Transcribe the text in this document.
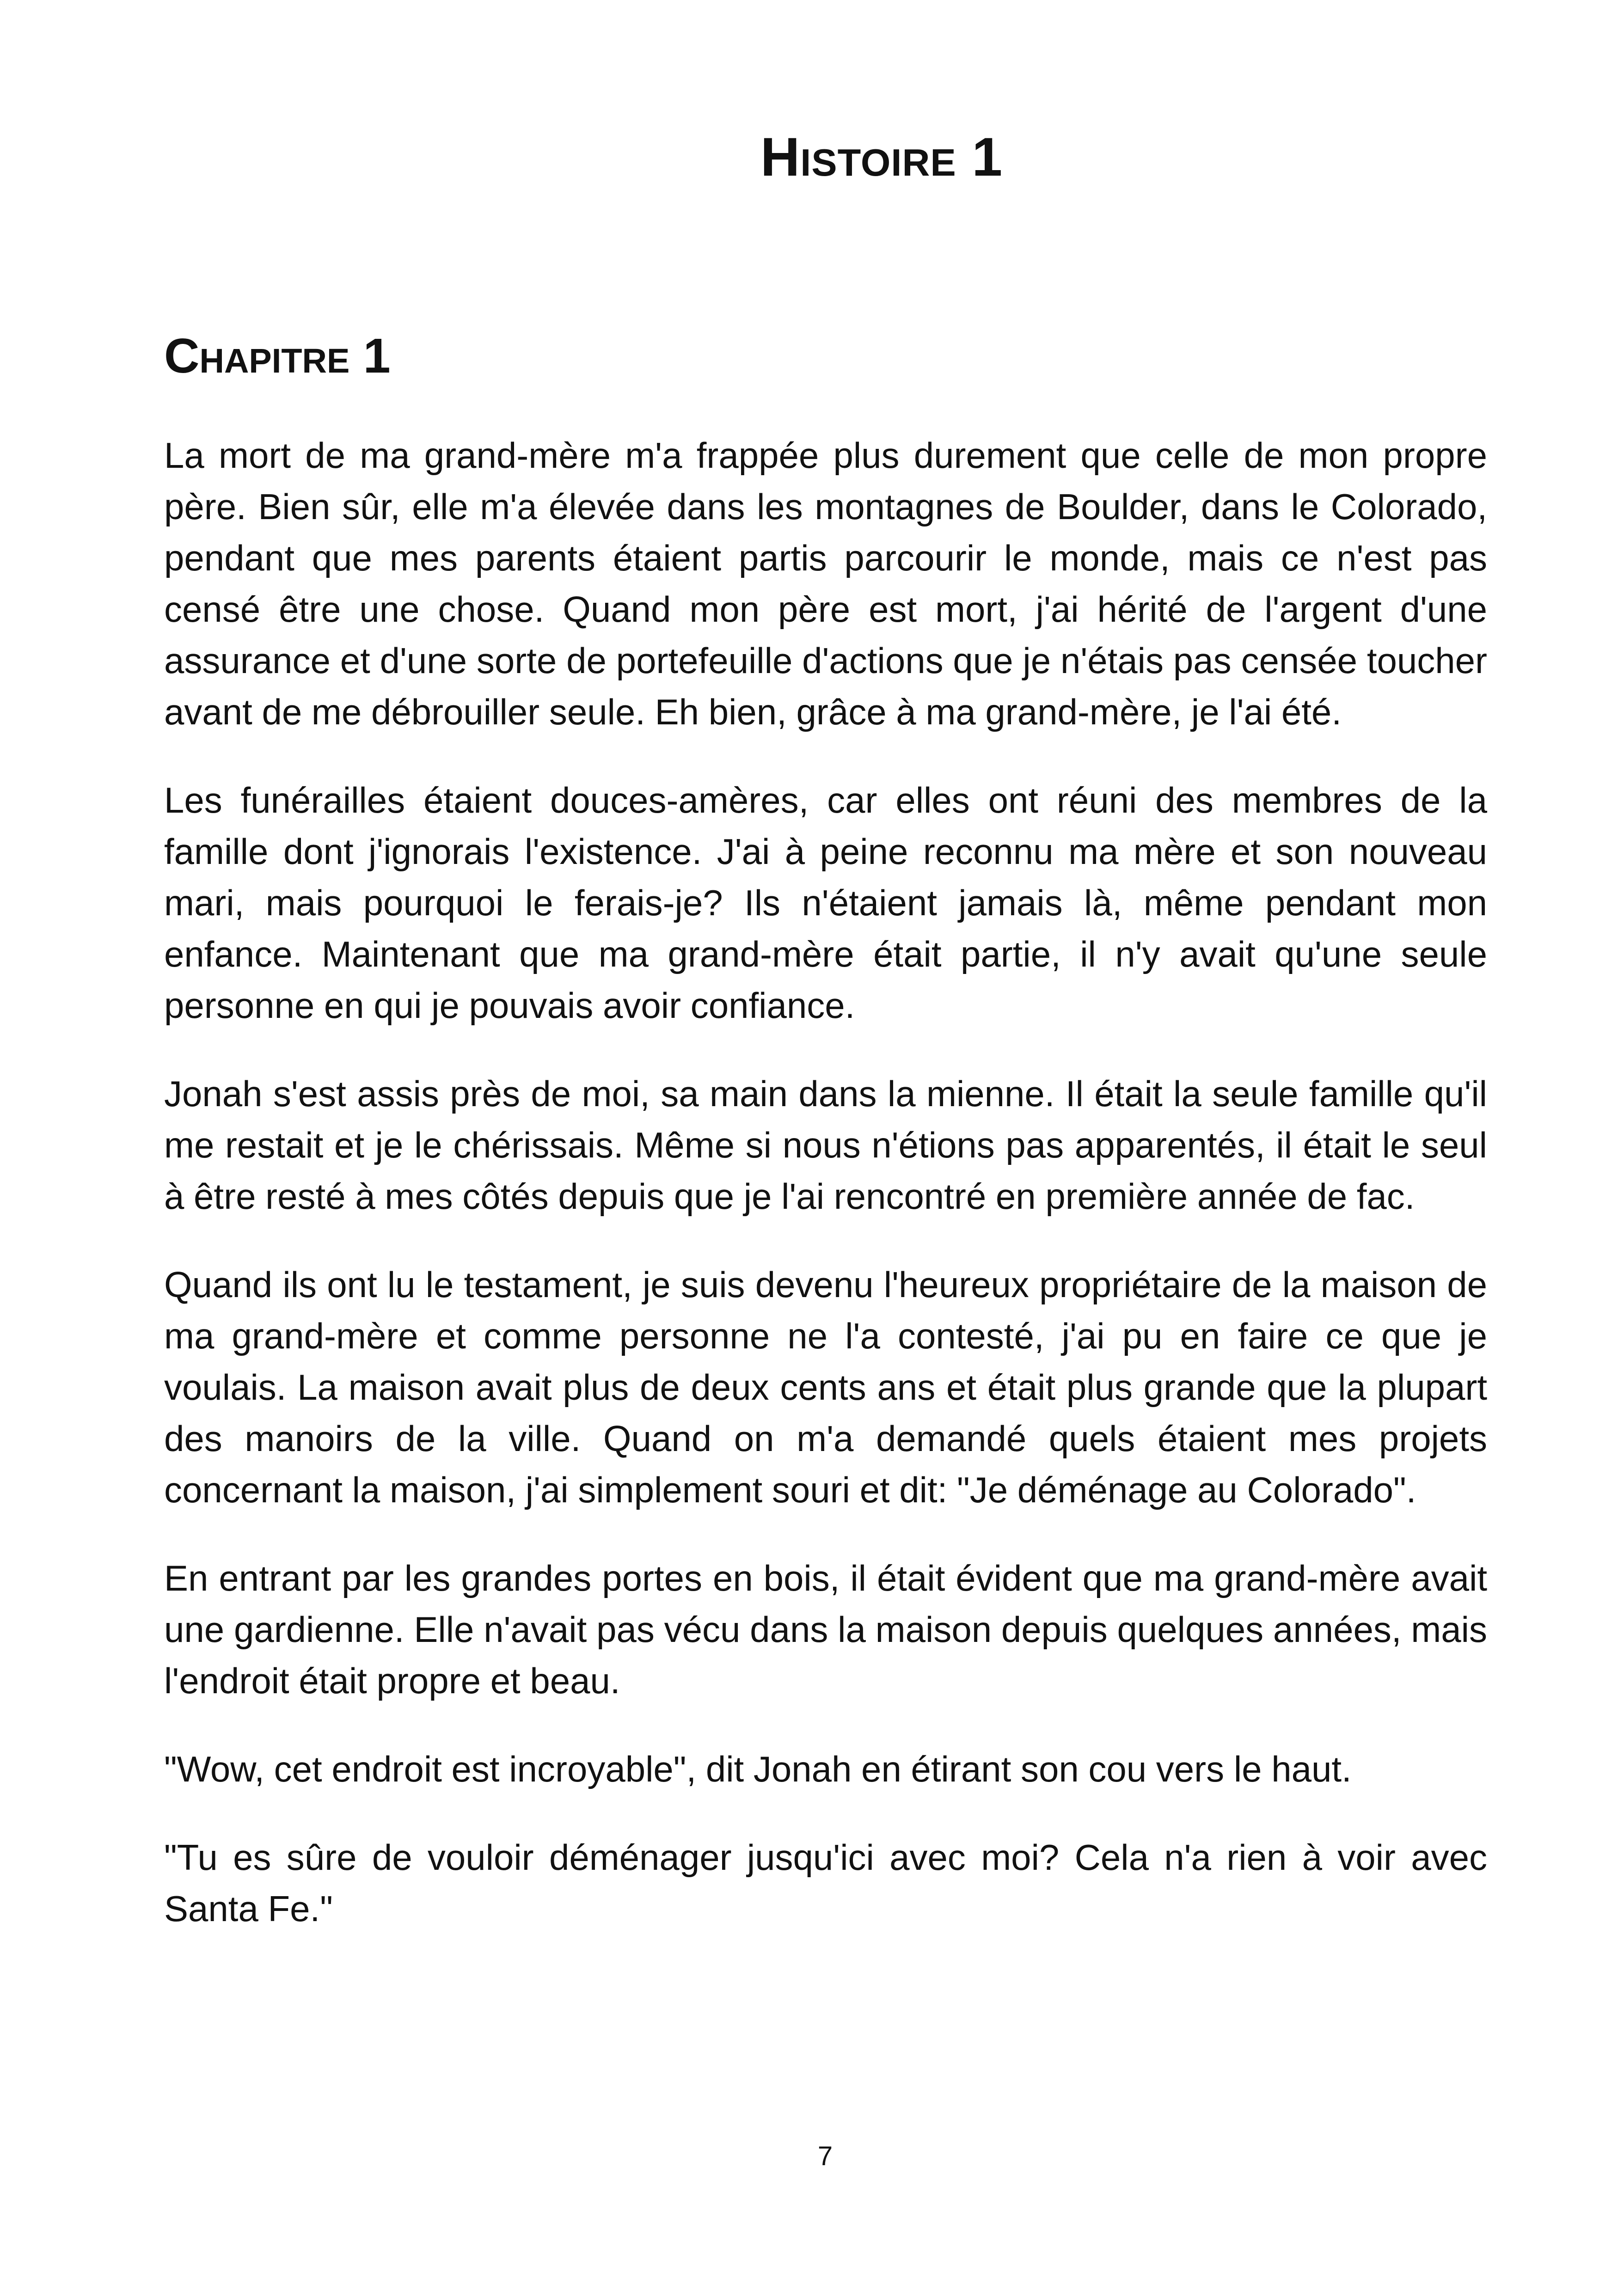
Histoire 1
Chapitre 1

La mort de ma grand-mère m'a frappée plus durement que celle de mon propre père. Bien sûr, elle m'a élevée dans les montagnes de Boulder, dans le Colorado, pendant que mes parents étaient partis parcourir le monde, mais ce n'est pas censé être une chose. Quand mon père est mort, j'ai hérité de l'argent d'une assurance et d'une sorte de portefeuille d'actions que je n'étais pas censée toucher avant de me débrouiller seule. Eh bien, grâce à ma grand-mère, je l'ai été.

Les funérailles étaient douces-amères, car elles ont réuni des membres de la famille dont j'ignorais l'existence. J'ai à peine reconnu ma mère et son nouveau mari, mais pourquoi le ferais-je? Ils n'étaient jamais là, même pendant mon enfance. Maintenant que ma grand-mère était partie, il n'y avait qu'une seule personne en qui je pouvais avoir confiance.

Jonah s'est assis près de moi, sa main dans la mienne. Il était la seule famille qu'il me restait et je le chérissais. Même si nous n'étions pas apparentés, il était le seul à être resté à mes côtés depuis que je l'ai rencontré en première année de fac.

Quand ils ont lu le testament, je suis devenu l'heureux propriétaire de la maison de ma grand-mère et comme personne ne l'a contesté, j'ai pu en faire ce que je voulais. La maison avait plus de deux cents ans et était plus grande que la plupart des manoirs de la ville. Quand on m'a demandé quels étaient mes projets concernant la maison, j'ai simplement souri et dit: "Je déménage au Colorado".

En entrant par les grandes portes en bois, il était évident que ma grand-mère avait une gardienne. Elle n'avait pas vécu dans la maison depuis quelques années, mais l'endroit était propre et beau.

"Wow, cet endroit est incroyable", dit Jonah en étirant son cou vers le haut.

"Tu es sûre de vouloir déménager jusqu'ici avec moi? Cela n'a rien à voir avec Santa Fe."

7
